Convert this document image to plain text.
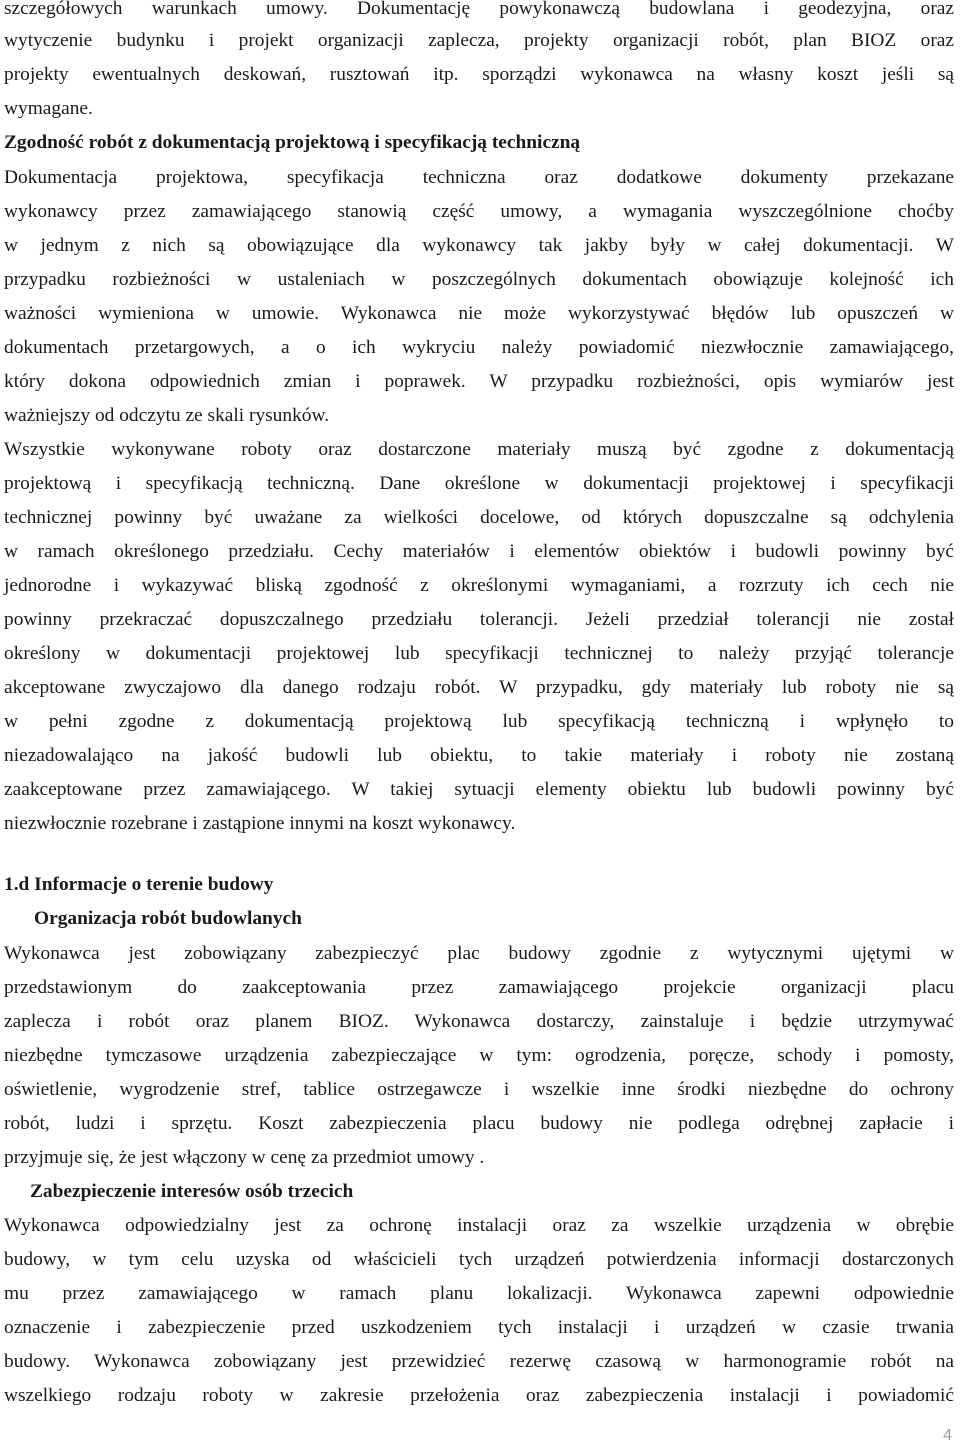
szczegółowych warunkach umowy. Dokumentację powykonawczą budowlana i geodezyjna, oraz
wytyczenie budynku i projekt organizacji zaplecza, projekty organizacji robót, plan BIOZ oraz
projekty ewentualnych deskowań, rusztowań itp. sporządzi wykonawca na własny koszt jeśli są
wymagane.
Zgodność robót z dokumentacją projektową i specyfikacją techniczną
Dokumentacja projektowa, specyfikacja techniczna oraz dodatkowe dokumenty przekazane
wykonawcy przez zamawiającego stanowią część umowy, a wymagania wyszczególnione choćby
w jednym z nich są obowiązujące dla wykonawcy tak jakby były w całej dokumentacji. W
przypadku rozbieżności w ustaleniach w poszczególnych dokumentach obowiązuje kolejność ich
ważności wymieniona w umowie. Wykonawca nie może wykorzystywać błędów lub opuszczeń w
dokumentach przetargowych, a o ich wykryciu należy powiadomić niezwłocznie zamawiającego,
który dokona odpowiednich zmian i poprawek. W przypadku rozbieżności, opis wymiarów jest
ważniejszy od odczytu ze skali rysunków.
Wszystkie wykonywane roboty oraz dostarczone materiały muszą być zgodne z dokumentacją
projektową i specyfikacją techniczną. Dane określone w dokumentacji projektowej i specyfikacji
technicznej powinny być uważane za wielkości docelowe, od których dopuszczalne są odchylenia
w ramach określonego przedziału. Cechy materiałów i elementów obiektów i budowli powinny być
jednorodne i wykazywać bliską zgodność z określonymi wymaganiami, a rozrzuty ich cech nie
powinny przekraczać dopuszczalnego przedziału tolerancji. Jeżeli przedział tolerancji nie został
określony w dokumentacji projektowej lub specyfikacji technicznej to należy przyjąć tolerancje
akceptowane zwyczajowo dla danego rodzaju robót. W przypadku, gdy materiały lub roboty nie są
w pełni zgodne z dokumentacją projektową lub specyfikacją techniczną i wpłynęło to
niezadowalająco na jakość budowli lub obiektu, to takie materiały i roboty nie zostaną
zaakceptowane przez zamawiającego. W takiej sytuacji elementy obiektu lub budowli powinny być
niezwłocznie rozebrane i zastąpione innymi na koszt wykonawcy.
1.d Informacje o terenie budowy
Organizacja robót budowlanych
Wykonawca jest zobowiązany zabezpieczyć plac budowy zgodnie z wytycznymi ujętymi w
przedstawionym do zaakceptowania przez zamawiającego projekcie organizacji placu
zaplecza i robót oraz planem BIOZ. Wykonawca dostarczy, zainstaluje i będzie utrzymywać
niezbędne tymczasowe urządzenia zabezpieczające w tym: ogrodzenia, poręcze, schody i pomosty,
oświetlenie, wygrodzenie stref, tablice ostrzegawcze i wszelkie inne środki niezbędne do ochrony
robót, ludzi i sprzętu. Koszt zabezpieczenia placu budowy nie podlega odrębnej zapłacie i
przyjmuje się, że jest włączony w cenę za przedmiot umowy .
Zabezpieczenie interesów osób trzecich
Wykonawca odpowiedzialny jest za ochronę instalacji oraz za wszelkie urządzenia w obrębie
budowy, w tym celu uzyska od właścicieli tych urządzeń potwierdzenia informacji dostarczonych
mu przez zamawiającego w ramach planu lokalizacji. Wykonawca zapewni odpowiednie
oznaczenie i zabezpieczenie przed uszkodzeniem tych instalacji i urządzeń w czasie trwania
budowy. Wykonawca zobowiązany jest przewidzieć rezerwę czasową w harmonogramie robót na
wszelkiego rodzaju roboty w zakresie przełożenia oraz zabezpieczenia instalacji i powiadomić
4
